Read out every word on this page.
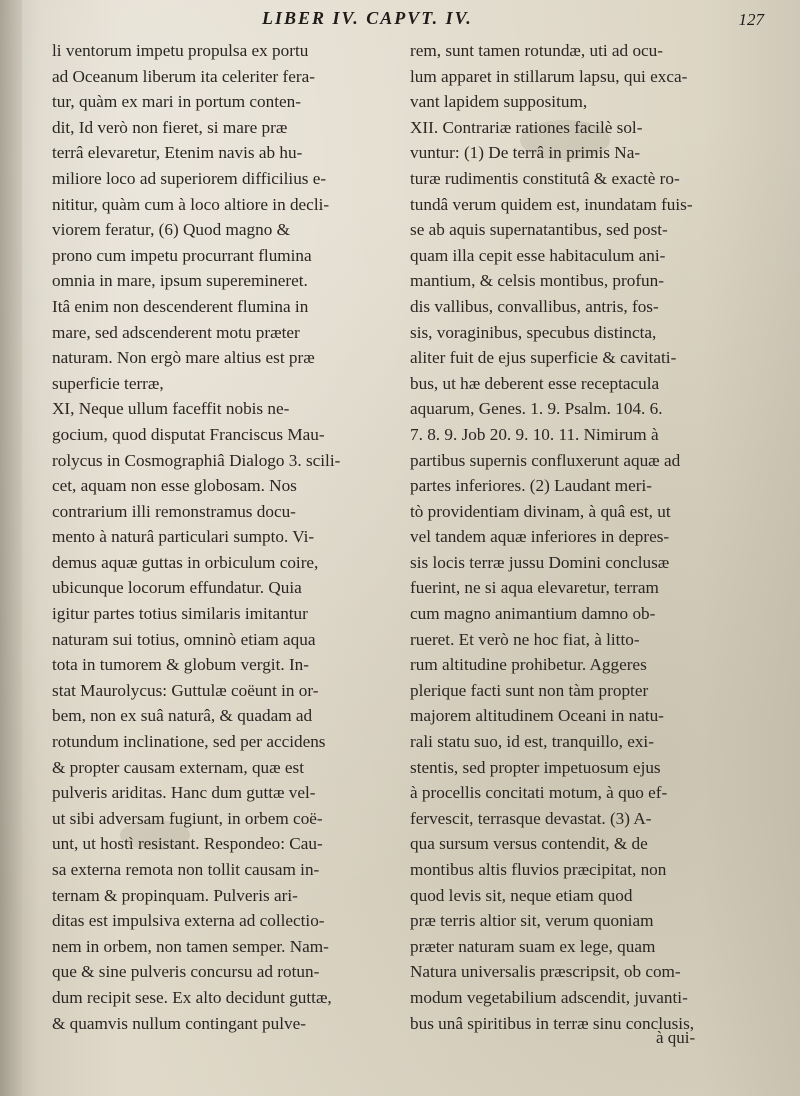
LIBER IV. CAPVT. IV.	127
li ventorum impetu propulsa ex portu
ad Oceanum liberum ita celeriter fera-
tur, quàm ex mari in portum conten-
dit, Id verò non fieret, si mare præ
terrâ elevaretur, Etenim navis ab hu-
miliore loco ad superiorem difficilius e-
nititur, quàm cum à loco altiore in decli-
viorem feratur, (6) Quod magno &
prono cum impetu procurrant flumina
omnia in mare, ipsum superemineret.
Itâ enim non descenderent flumina in
mare, sed adscenderent motu præter
naturam. Non ergò mare altius est præ
superficie terræ,
XI, Neque ullum faceffit nobis ne-
gocium, quod disputat Franciscus Mau-
rolycus in Cosmographiâ Dialogo 3. scili-
cet, aquam non esse globosam. Nos
contrarium illi remonstramus docu-
mento à naturâ particulari sumpto. Vi-
demus aquæ guttas in orbiculum coire,
ubicunque locorum effundatur. Quia
igitur partes totius similaris imitantur
naturam sui totius, omninò etiam aqua
tota in tumorem & globum vergit. In-
stat Maurolycus: Guttulæ coëunt in or-
bem, non ex suâ naturâ, & quadam ad
rotundum inclinatione, sed per accidens
& propter causam externam, quæ est
pulveris ariditas. Hanc dum guttæ vel-
ut sibi adversam fugiunt, in orbem coë-
unt, ut hostì resistant. Respondeo: Cau-
sa externa remota non tollit causam in-
ternam & propinquam. Pulveris ari-
ditas est impulsiva externa ad collectio-
nem in orbem, non tamen semper. Nam-
que & sine pulveris concursu ad rotun-
dum recipit sese. Ex alto decidunt guttæ,
& quamvis nullum contingant pulve-
rem, sunt tamen rotundæ, uti ad ocu-
lum apparet in stillarum lapsu, qui exca-
vant lapidem suppositum,
XII. Contrariæ rationes facilè sol-
vuntur: (1) De terrâ in primis Na-
turæ rudimentis constitutâ & exactè ro-
tundâ verum quidem est, inundatam fuis-
se ab aquis supernatantibus, sed post-
quam illa cepit esse habitaculum ani-
mantium, & celsis montibus, profun-
dis vallibus, convallibus, antris, fos-
sis, voraginibus, specubus distincta,
aliter fuit de ejus superficie & cavitati-
bus, ut hæ deberent esse receptacula
aquarum, Genes. 1. 9. Psalm. 104. 6.
7. 8. 9. Job 20. 9. 10. 11. Nimirum à
partibus supernis confluxerunt aquæ ad
partes inferiores. (2) Laudant meri-
tò providentiam divinam, à quâ est, ut
vel tandem aquæ inferiores in depres-
sis locis terræ jussu Domini conclusæ
fuerint, ne si aqua elevaretur, terram
cum magno animantium damno ob-
rueret. Et verò ne hoc fiat, à litto-
rum altitudine prohibetur. Aggeres
plerique facti sunt non tàm propter
majorem altitudinem Oceani in natu-
rali statu suo, id est, tranquillo, exi-
stentis, sed propter impetuosum ejus
à procellis concitati motum, à quo ef-
fervescit, terrasque devastat. (3) A-
qua sursum versus contendit, & de
montibus altis fluvios præcipitat, non
quod levis sit, neque etiam quod
præ terris altior sit, verum quoniam
præter naturam suam ex lege, quam
Natura universalis præscripsit, ob com-
modum vegetabilium adscendit, juvanti-
bus unâ spiritibus in terræ sinu conclusis,
à qui-
